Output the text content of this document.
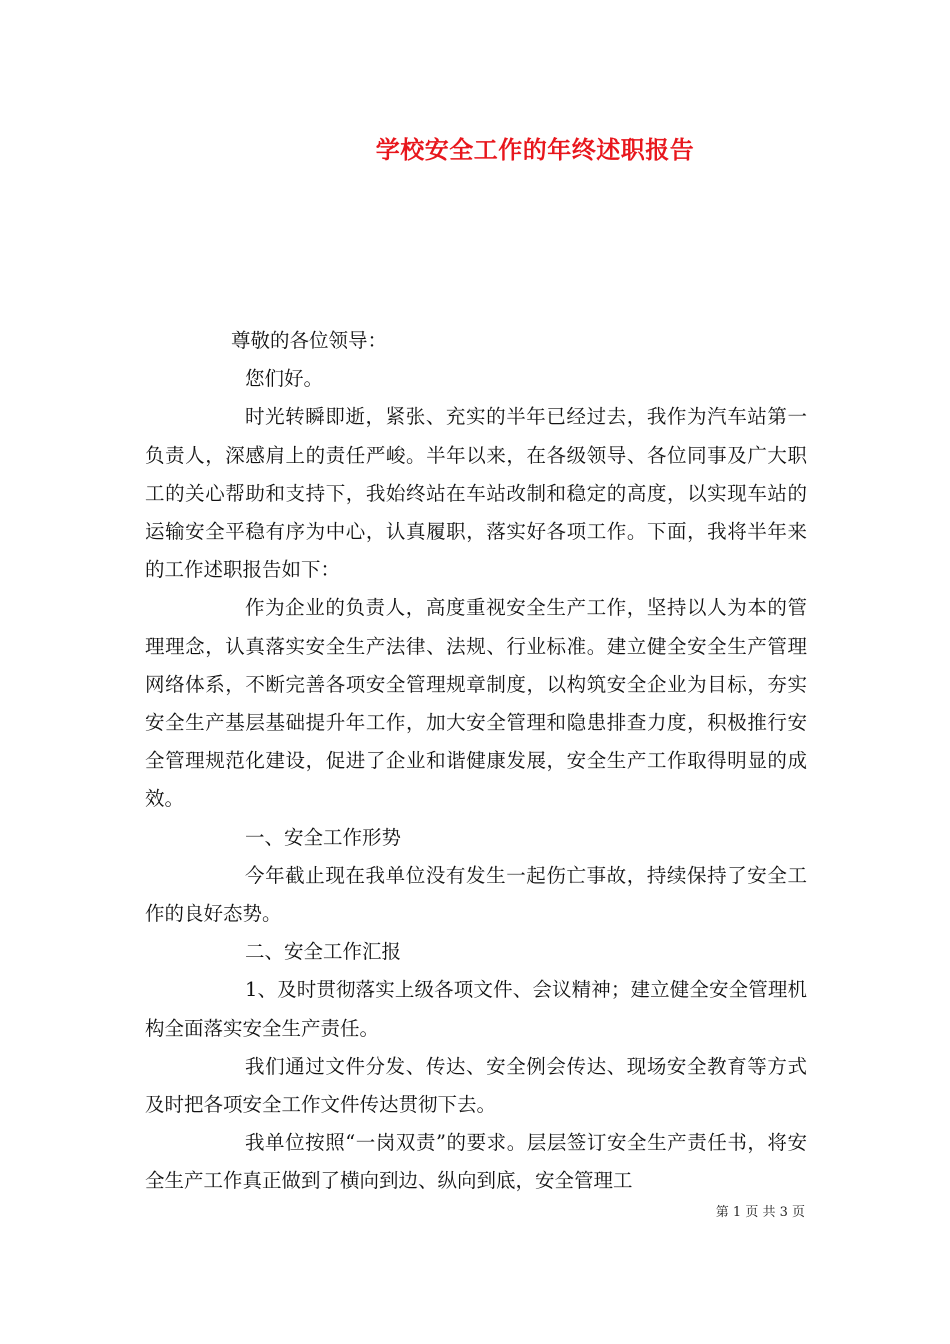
学校安全工作的年终述职报告

尊敬的各位领导：

您们好。

时光转瞬即逝，紧张、充实的半年已经过去，我作为汽车站第一负责人，深感肩上的责任严峻。半年以来，在各级领导、各位同事及广大职工的关心帮助和支持下，我始终站在车站改制和稳定的高度，以实现车站的运输安全平稳有序为中心，认真履职，落实好各项工作。下面，我将半年来的工作述职报告如下：

作为企业的负责人，高度重视安全生产工作，坚持以人为本的管理理念，认真落实安全生产法律、法规、行业标准。建立健全安全生产管理网络体系，不断完善各项安全管理规章制度，以构筑安全企业为目标，夯实安全生产基层基础提升年工作，加大安全管理和隐患排查力度，积极推行安全管理规范化建设，促进了企业和谐健康发展，安全生产工作取得明显的成效。

一、安全工作形势

今年截止现在我单位没有发生一起伤亡事故，持续保持了安全工作的良好态势。

二、安全工作汇报

1、及时贯彻落实上级各项文件、会议精神；建立健全安全管理机构全面落实安全生产责任。

我们通过文件分发、传达、安全例会传达、现场安全教育等方式及时把各项安全工作文件传达贯彻下去。

我单位按照“一岗双责”的要求。层层签订安全生产责任书，将安全生产工作真正做到了横向到边、纵向到底，安全管理工

第 1 页 共 3 页
